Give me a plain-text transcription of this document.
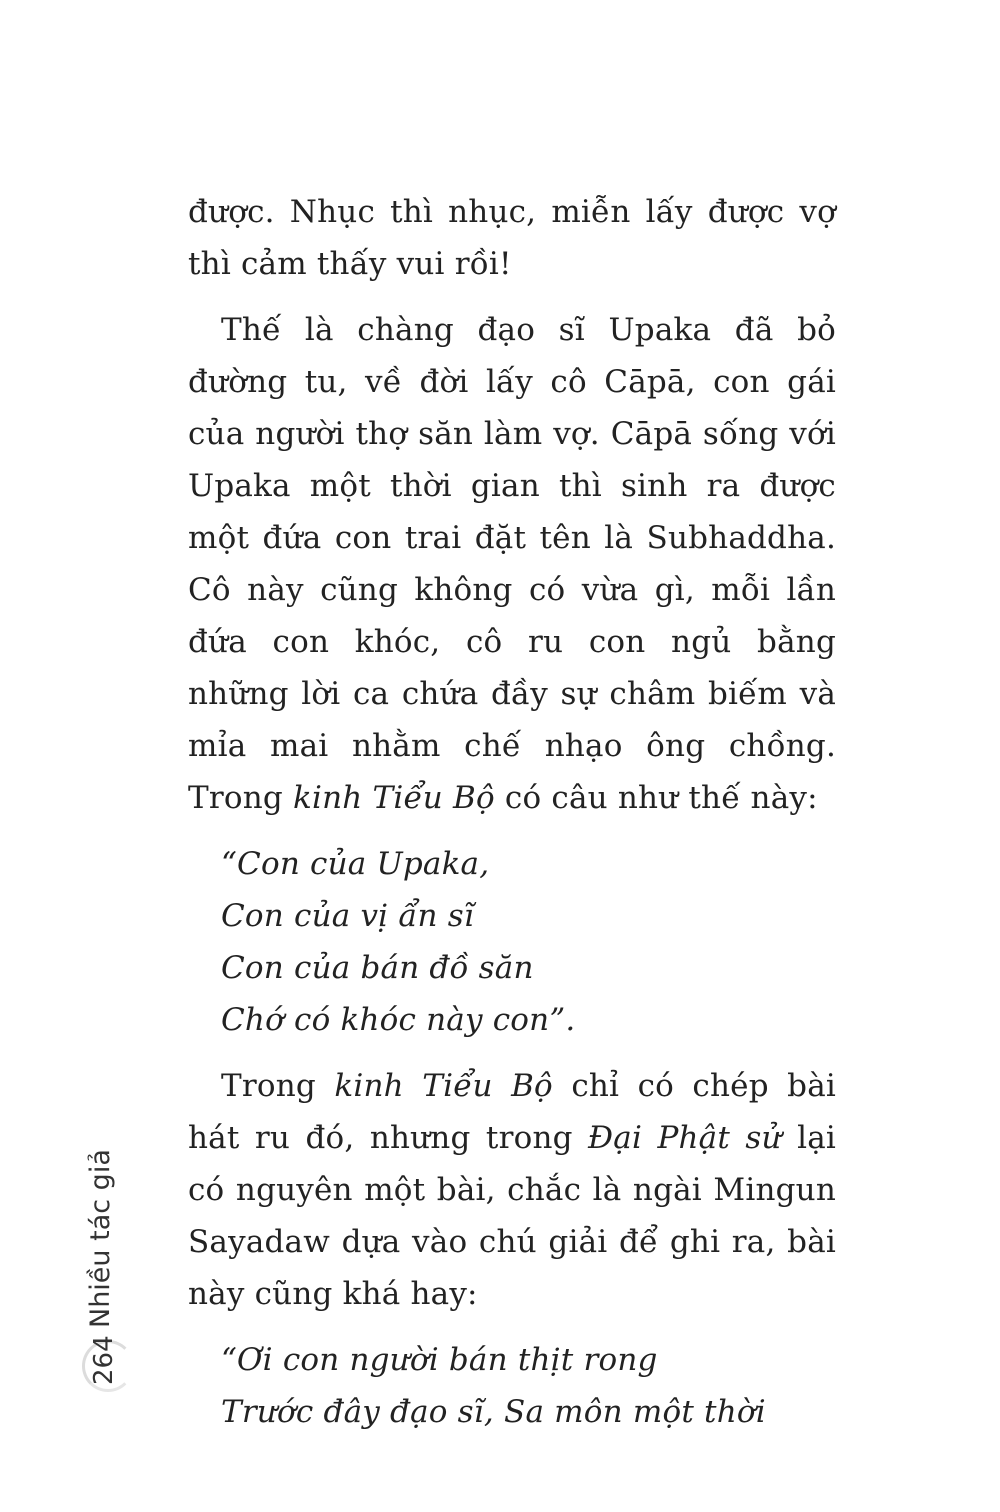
được. Nhục thì nhục, miễn lấy được vợ thì cảm thấy vui rồi!

Thế là chàng đạo sĩ Upaka đã bỏ đường tu, về đời lấy cô Cāpā, con gái của người thợ săn làm vợ. Cāpā sống với Upaka một thời gian thì sinh ra được một đứa con trai đặt tên là Subhaddha. Cô này cũng không có vừa gì, mỗi lần đứa con khóc, cô ru con ngủ bằng những lời ca chứa đầy sự châm biếm và mỉa mai nhằm chế nhạo ông chồng.

Trong kinh Tiểu Bộ có câu như thế này:

“Con của Upaka,
Con của vị ẩn sĩ
Con của bán đồ săn
Chớ có khóc này con”.

Trong kinh Tiểu Bộ chỉ có chép bài hát ru đó, nhưng trong Đại Phật sử lại có nguyên một bài, chắc là ngài Mingun Sayadaw dựa vào chú giải để ghi ra, bài này cũng khá hay:

“Ơi con người bán thịt rong
Trước đây đạo sĩ, Sa môn một thời
Nhiều tác giả
264
